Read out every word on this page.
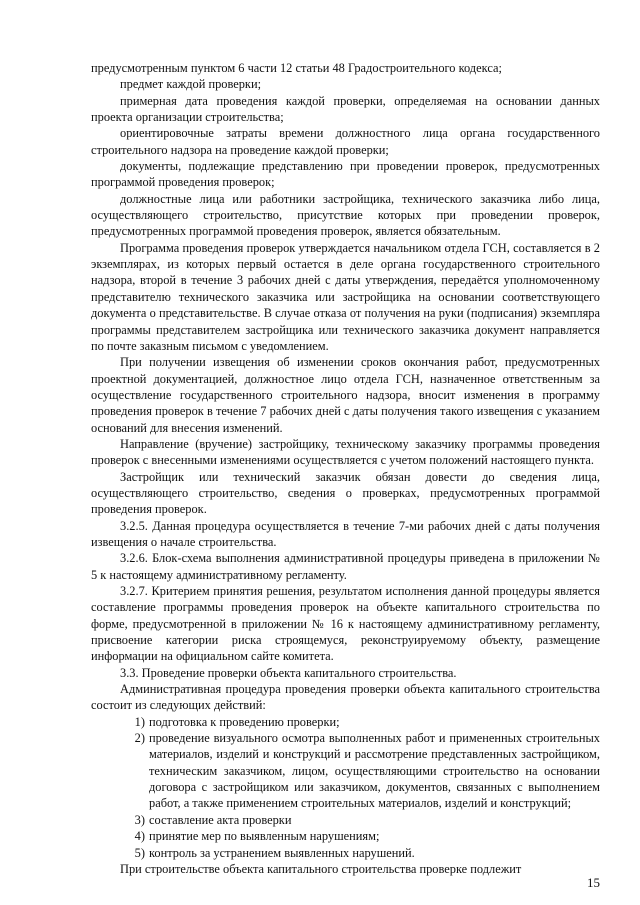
предусмотренным пунктом 6 части 12 статьи 48 Градостроительного кодекса;

предмет каждой проверки;

примерная дата проведения каждой проверки, определяемая на основании данных проекта организации строительства;

ориентировочные затраты времени должностного лица органа государственного строительного надзора на проведение каждой проверки;

документы, подлежащие представлению при проведении проверок, предусмотренных программой проведения проверок;

должностные лица или работники застройщика, технического заказчика либо лица, осуществляющего строительство, присутствие которых при проведении проверок, предусмотренных программой проведения проверок, является обязательным.

Программа проведения проверок утверждается начальником отдела ГСН, составляется в 2 экземплярах, из которых первый остается в деле органа государственного строительного надзора, второй в течение 3 рабочих дней с даты утверждения, передаётся уполномоченному представителю технического заказчика или застройщика на основании соответствующего документа о представительстве. В случае отказа от получения на руки (подписания) экземпляра программы представителем застройщика или технического заказчика документ направляется по почте заказным письмом с уведомлением.

При получении извещения об изменении сроков окончания работ, предусмотренных проектной документацией, должностное лицо отдела ГСН, назначенное ответственным за осуществление государственного строительного надзора, вносит изменения в программу проведения проверок в течение 7 рабочих дней с даты получения такого извещения с указанием оснований для внесения изменений.

Направление (вручение) застройщику, техническому заказчику программы проведения проверок с внесенными изменениями осуществляется с учетом положений настоящего пункта.

Застройщик или технический заказчик обязан довести до сведения лица, осуществляющего строительство, сведения о проверках, предусмотренных программой проведения проверок.

3.2.5. Данная процедура осуществляется в течение 7-ми рабочих дней с даты получения извещения о начале строительства.

3.2.6. Блок-схема выполнения административной процедуры приведена в приложении № 5 к настоящему административному регламенту.

3.2.7. Критерием принятия решения, результатом исполнения данной процедуры является составление программы проведения проверок на объекте капитального строительства по форме, предусмотренной в приложении № 16 к настоящему административному регламенту, присвоение категории риска строящемуся, реконструируемому объекту, размещение информации на официальном сайте комитета.

3.3. Проведение проверки объекта капитального строительства.

Административная процедура проведения проверки объекта капитального строительства состоит из следующих действий:

1) подготовка к проведению проверки;
2) проведение визуального осмотра выполненных работ и примененных строительных материалов, изделий и конструкций и рассмотрение представленных застройщиком, техническим заказчиком, лицом, осуществляющими строительство на основании договора с застройщиком или заказчиком, документов, связанных с выполнением работ, а также применением строительных материалов, изделий и конструкций;
3) составление акта проверки
4) принятие мер по выявленным нарушениям;
5) контроль за устранением выявленных нарушений.

При строительстве объекта капитального строительства проверке подлежит

15
